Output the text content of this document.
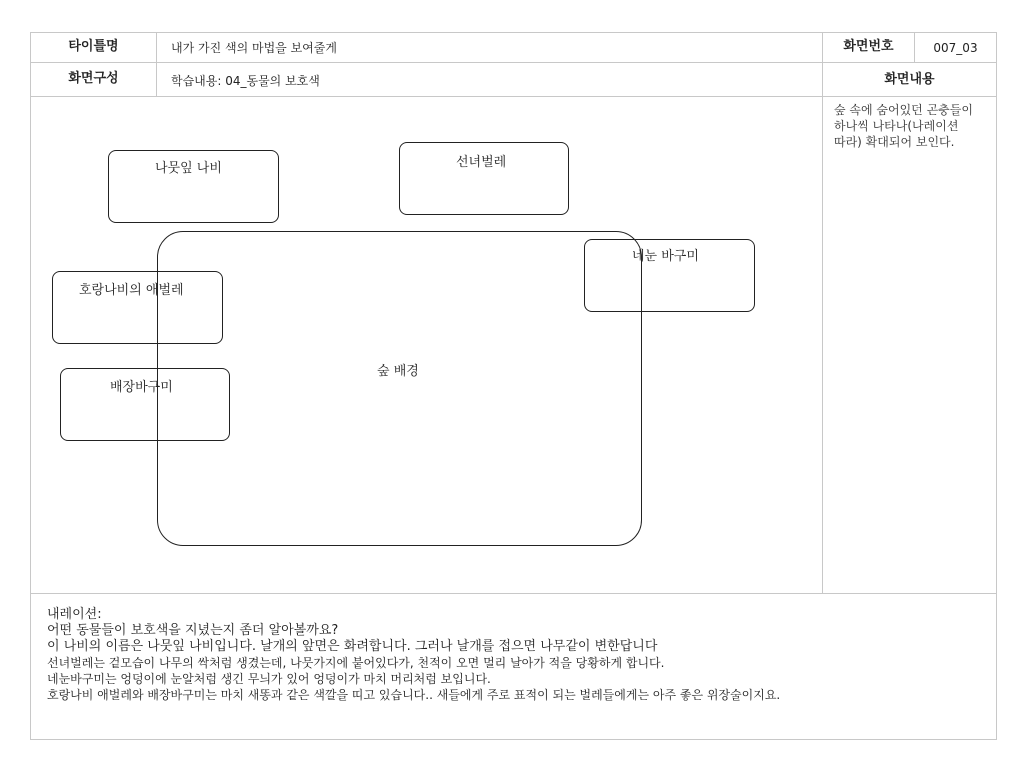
타이틀명	내가 가진 색의 마법을 보여줄게	화면번호	007_03
화면구성	학습내용: 04_동물의 보호색	화면내용
숲 배경
나뭇잎 나비	선녀벌레
네눈 바구미
호랑나비의 애벌레
배장바구미
숲 속에 숨어있던 곤충들이 하나씩 나타나(나레이션 따라) 확대되어 보인다.
내레이션:
어떤 동물들이 보호색을 지녔는지 좀더 알아볼까요?
이 나비의 이름은 나뭇잎 나비입니다. 날개의 앞면은 화려합니다. 그러나 날개를 접으면 나무같이 변한답니다
선녀벌레는 겉모습이 나무의 싹처럼 생겼는데, 나뭇가지에 붙어있다가, 천적이 오면 멀리 날아가 적을 당황하게 합니다.
네눈바구미는 엉덩이에 눈알처럼 생긴 무늬가 있어 엉덩이가 마치 머리처럼 보입니다.
호랑나비 애벌레와 배장바구미는 마치 새똥과 같은 색깔을 띠고 있습니다.. 새들에게 주로 표적이 되는 벌레들에게는 아주 좋은 위장술이지요.
